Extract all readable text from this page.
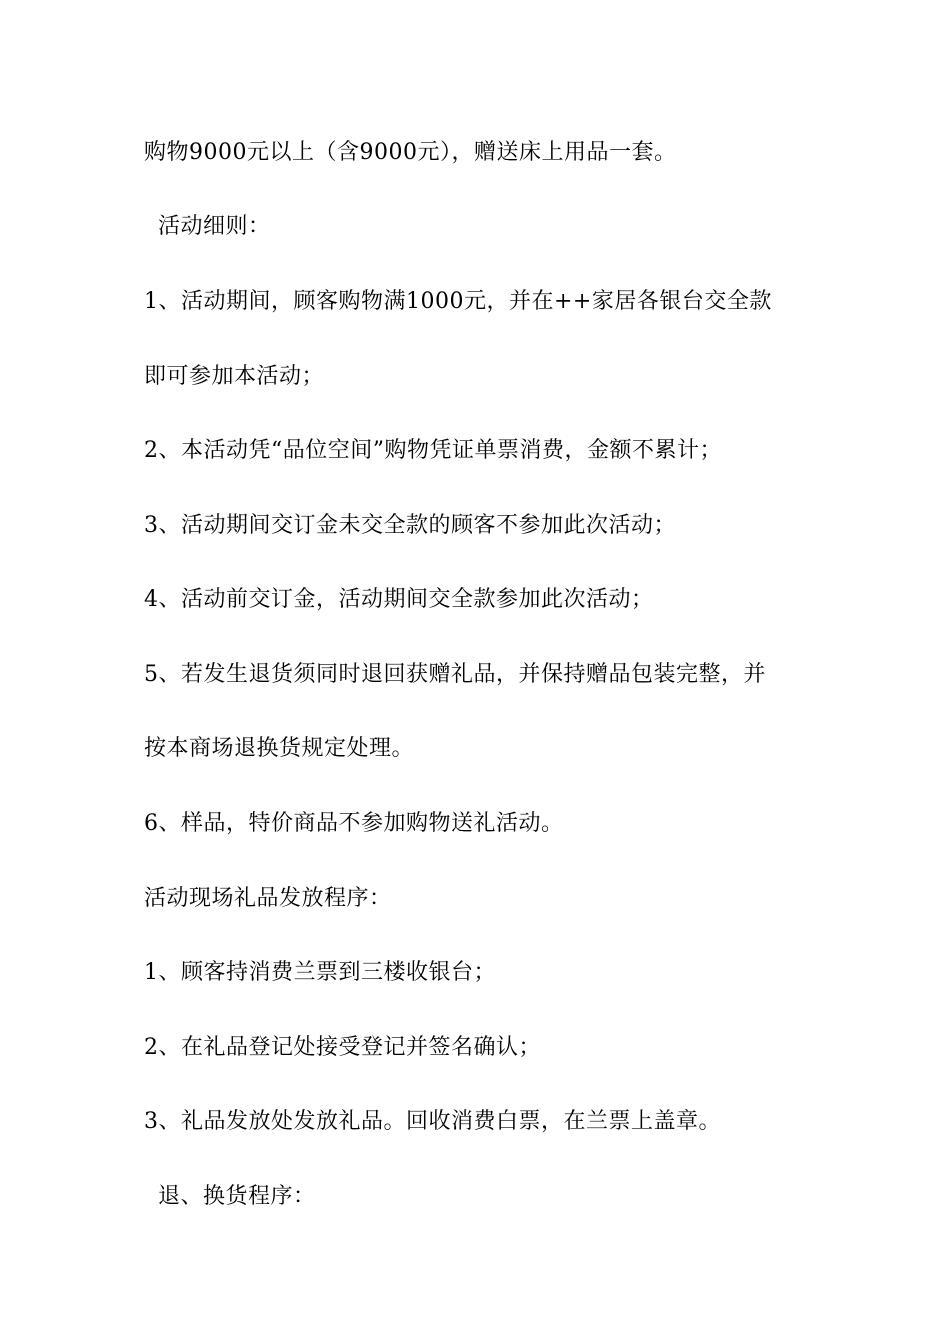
购物9000元以上（含9000元），赠送床上用品一套。
活动细则：
1、活动期间，顾客购物满1000元，并在++家居各银台交全款
即可参加本活动；
2、本活动凭“品位空间”购物凭证单票消费，金额不累计；
3、活动期间交订金未交全款的顾客不参加此次活动；
4、活动前交订金，活动期间交全款参加此次活动；
5、若发生退货须同时退回获赠礼品，并保持赠品包装完整，并
按本商场退换货规定处理。
6、样品，特价商品不参加购物送礼活动。
活动现场礼品发放程序：
1、顾客持消费兰票到三楼收银台；
2、在礼品登记处接受登记并签名确认；
3、礼品发放处发放礼品。回收消费白票，在兰票上盖章。
退、换货程序：
